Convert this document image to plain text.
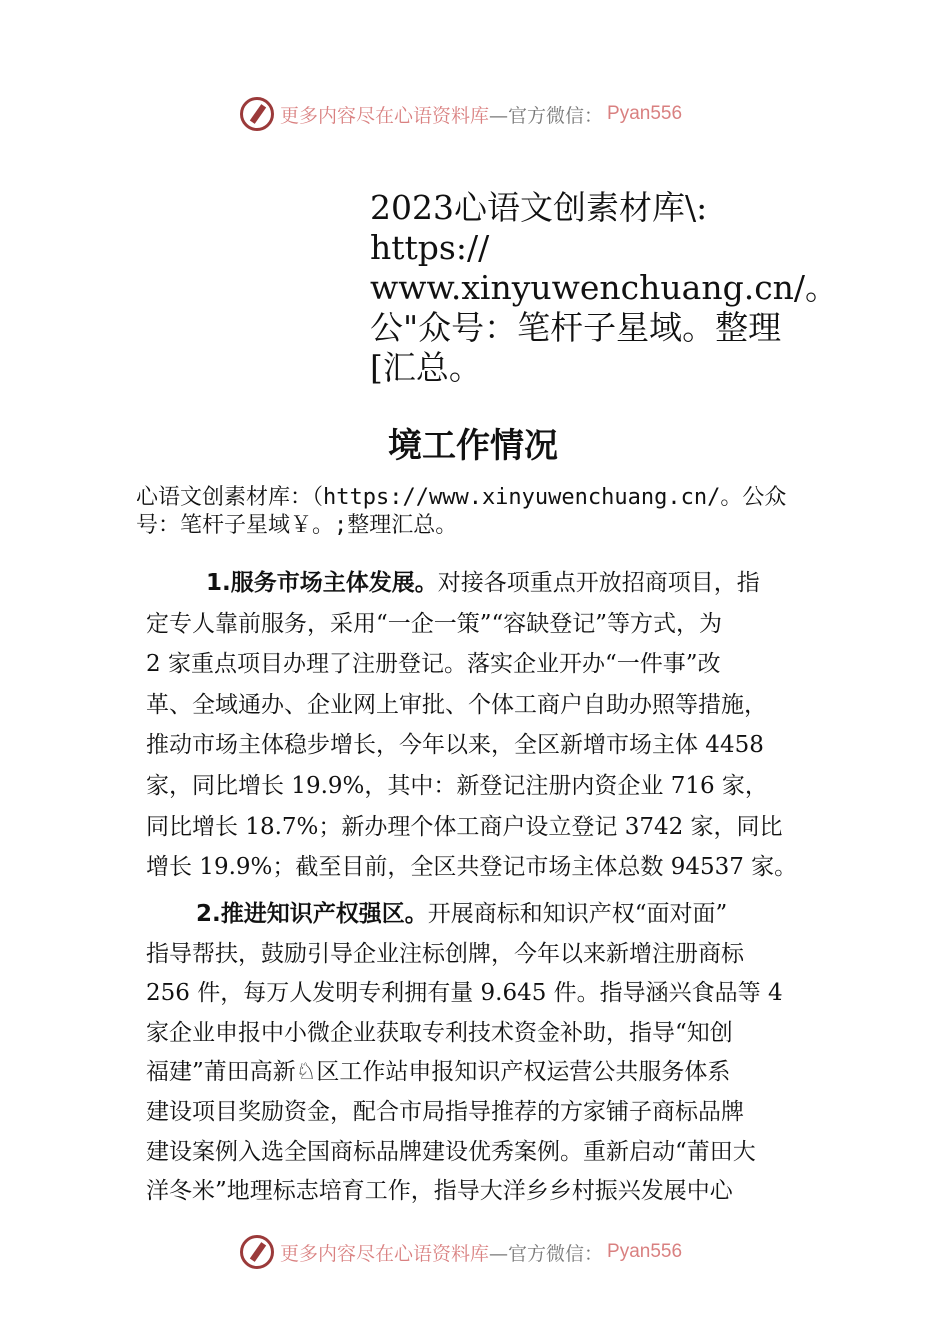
更多内容尽在心语资料库 —官方微信： Pyan556
2023心语文创素材库\:
https://
www.xinyuwenchuang.cn/。
公"众号：笔杆子星域。整理
[汇总。
境工作情况
心语文创素材库：（https://www.xinyuwenchuang.cn/。公众
号：笔杆子星域￥。;整理汇总。
1.服务市场主体发展。对接各项重点开放招商项目，指
定专人靠前服务，采用“一企一策”“容缺登记”等方式，为
2 家重点项目办理了注册登记。落实企业开办“一件事”改
革、全域通办、企业网上审批、个体工商户自助办照等措施，
推动市场主体稳步增长，今年以来，全区新增市场主体 4458
家，同比增长 19.9%，其中：新登记注册内资企业 716 家，
同比增长 18.7%；新办理个体工商户设立登记 3742 家，同比
增长 19.9%；截至目前，全区共登记市场主体总数 94537 家。
2.推进知识产权强区。开展商标和知识产权“面对面”
指导帮扶，鼓励引导企业注标创牌，今年以来新增注册商标
256 件，每万人发明专利拥有量 9.645 件。指导涵兴食品等 4
家企业申报中小微企业获取专利技术资金补助，指导“知创
福建”莆田高新♘区工作站申报知识产权运营公共服务体系
建设项目奖励资金，配合市局指导推荐的方家铺子商标品牌
建设案例入选全国商标品牌建设优秀案例。重新启动“莆田大
洋冬米”地理标志培育工作，指导大洋乡乡村振兴发展中心
更多内容尽在心语资料库 —官方微信： Pyan556
